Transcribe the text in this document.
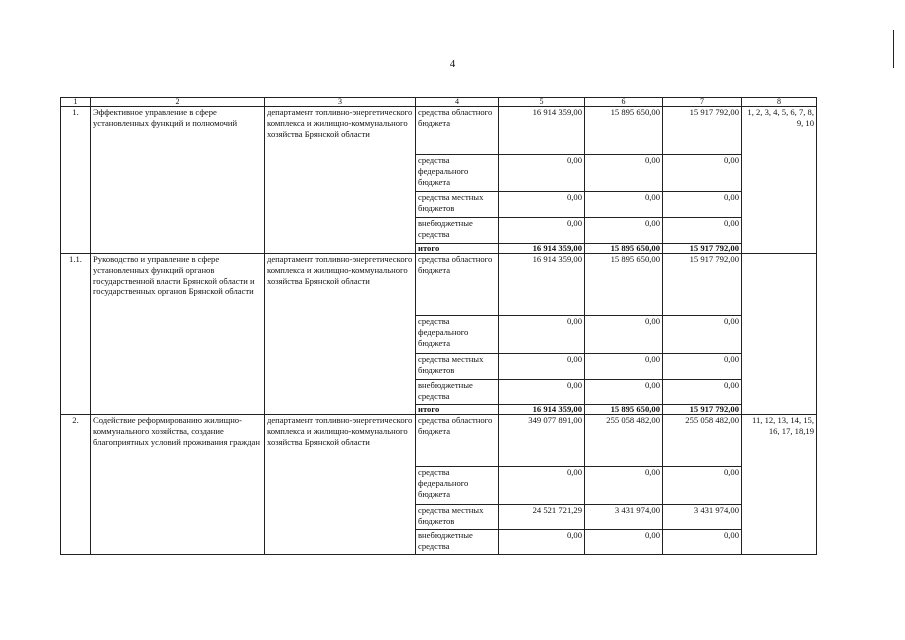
4
1	2	3	4	5	6	7	8
1.	Эффективное управление в сфере установленных функций и полномочий	департамент топливно-энергетического комплекса и жилищно-коммунального хозяйства Брянской области	средства областного бюджета	16 914 359,00	15 895 650,00	15 917 792,00	1, 2, 3, 4, 5, 6, 7, 8, 9, 10
			средства федерального бюджета	0,00	0,00	0,00	
			средства местных бюджетов	0,00	0,00	0,00	
			внебюджетные средства	0,00	0,00	0,00	
			итого	16 914 359,00	15 895 650,00	15 917 792,00	
1.1.	Руководство и управление в сфере установленных функций органов государственной власти Брянской области и государственных органов Брянской области	департамент топливно-энергетического комплекса и жилищно-коммунального хозяйства Брянской области	средства областного бюджета	16 914 359,00	15 895 650,00	15 917 792,00	
			средства федерального бюджета	0,00	0,00	0,00	
			средства местных бюджетов	0,00	0,00	0,00	
			внебюджетные средства	0,00	0,00	0,00	
			итого	16 914 359,00	15 895 650,00	15 917 792,00	
2.	Содействие реформированию жилищно-коммунального хозяйства, создание благоприятных условий проживания граждан	департамент топливно-энергетического комплекса и жилищно-коммунального хозяйства Брянской области	средства областного бюджета	349 077 891,00	255 058 482,00	255 058 482,00	11, 12, 13, 14, 15, 16, 17, 18,19
			средства федерального бюджета	0,00	0,00	0,00	
			средства местных бюджетов	24 521 721,29	3 431 974,00	3 431 974,00	
			внебюджетные средства	0,00	0,00	0,00	
